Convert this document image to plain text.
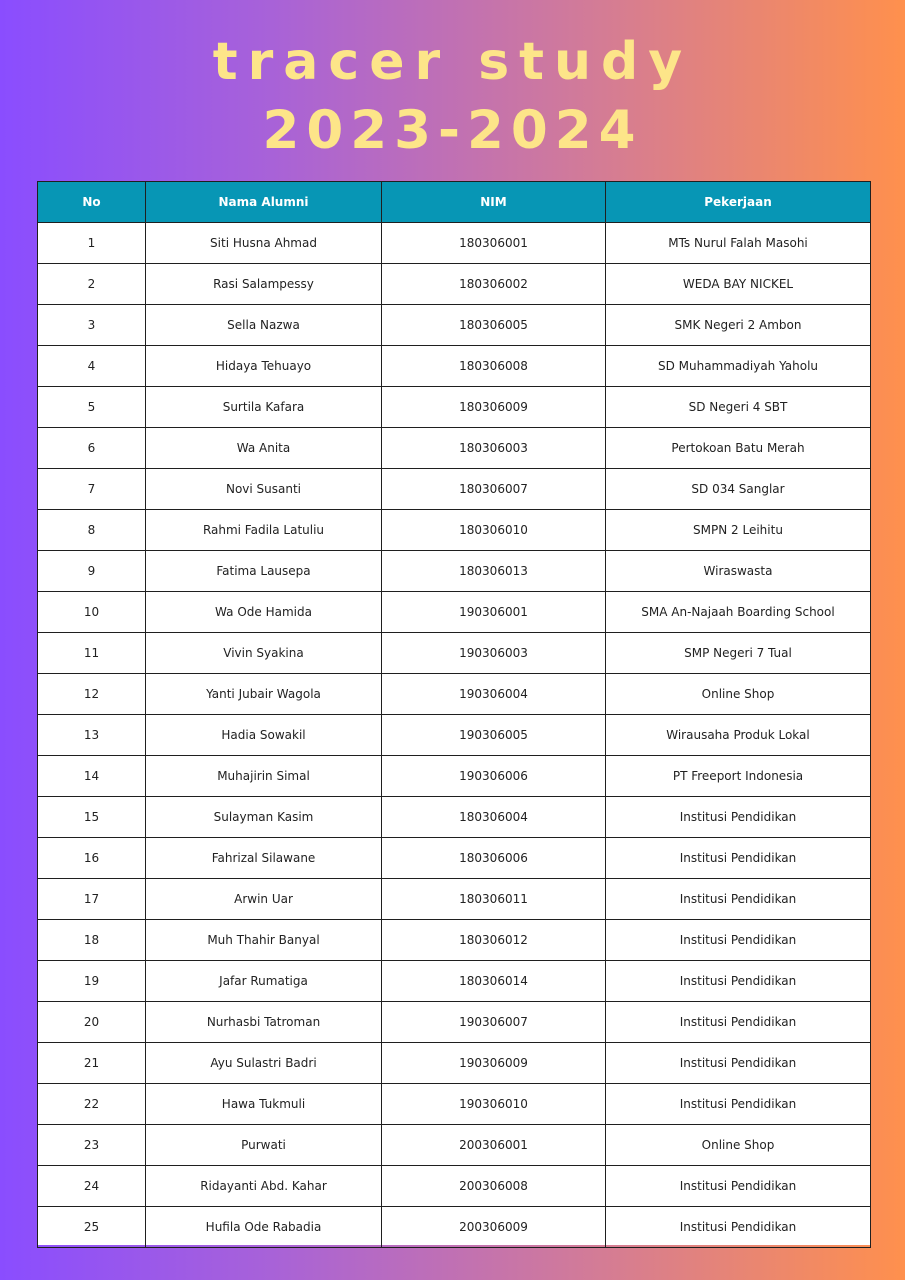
tracer study
2023-2024
No	Nama Alumni	NIM	Pekerjaan
1	Siti Husna Ahmad	180306001	MTs Nurul Falah Masohi
2	Rasi Salampessy	180306002	WEDA BAY NICKEL
3	Sella Nazwa	180306005	SMK Negeri 2 Ambon
4	Hidaya Tehuayo	180306008	SD Muhammadiyah Yaholu
5	Surtila Kafara	180306009	SD Negeri 4 SBT
6	Wa Anita	180306003	Pertokoan Batu Merah
7	Novi Susanti	180306007	SD 034 Sanglar
8	Rahmi Fadila Latuliu	180306010	SMPN 2 Leihitu
9	Fatima Lausepa	180306013	Wiraswasta
10	Wa Ode Hamida	190306001	SMA An-Najaah Boarding School
11	Vivin Syakina	190306003	SMP Negeri 7 Tual
12	Yanti Jubair Wagola	190306004	Online Shop
13	Hadia Sowakil	190306005	Wirausaha Produk Lokal
14	Muhajirin Simal	190306006	PT Freeport Indonesia
15	Sulayman Kasim	180306004	Institusi Pendidikan
16	Fahrizal Silawane	180306006	Institusi Pendidikan
17	Arwin Uar	180306011	Institusi Pendidikan
18	Muh Thahir Banyal	180306012	Institusi Pendidikan
19	Jafar Rumatiga	180306014	Institusi Pendidikan
20	Nurhasbi Tatroman	190306007	Institusi Pendidikan
21	Ayu Sulastri Badri	190306009	Institusi Pendidikan
22	Hawa Tukmuli	190306010	Institusi Pendidikan
23	Purwati	200306001	Online Shop
24	Ridayanti Abd. Kahar	200306008	Institusi Pendidikan
25	Hufila Ode Rabadia	200306009	Institusi Pendidikan
